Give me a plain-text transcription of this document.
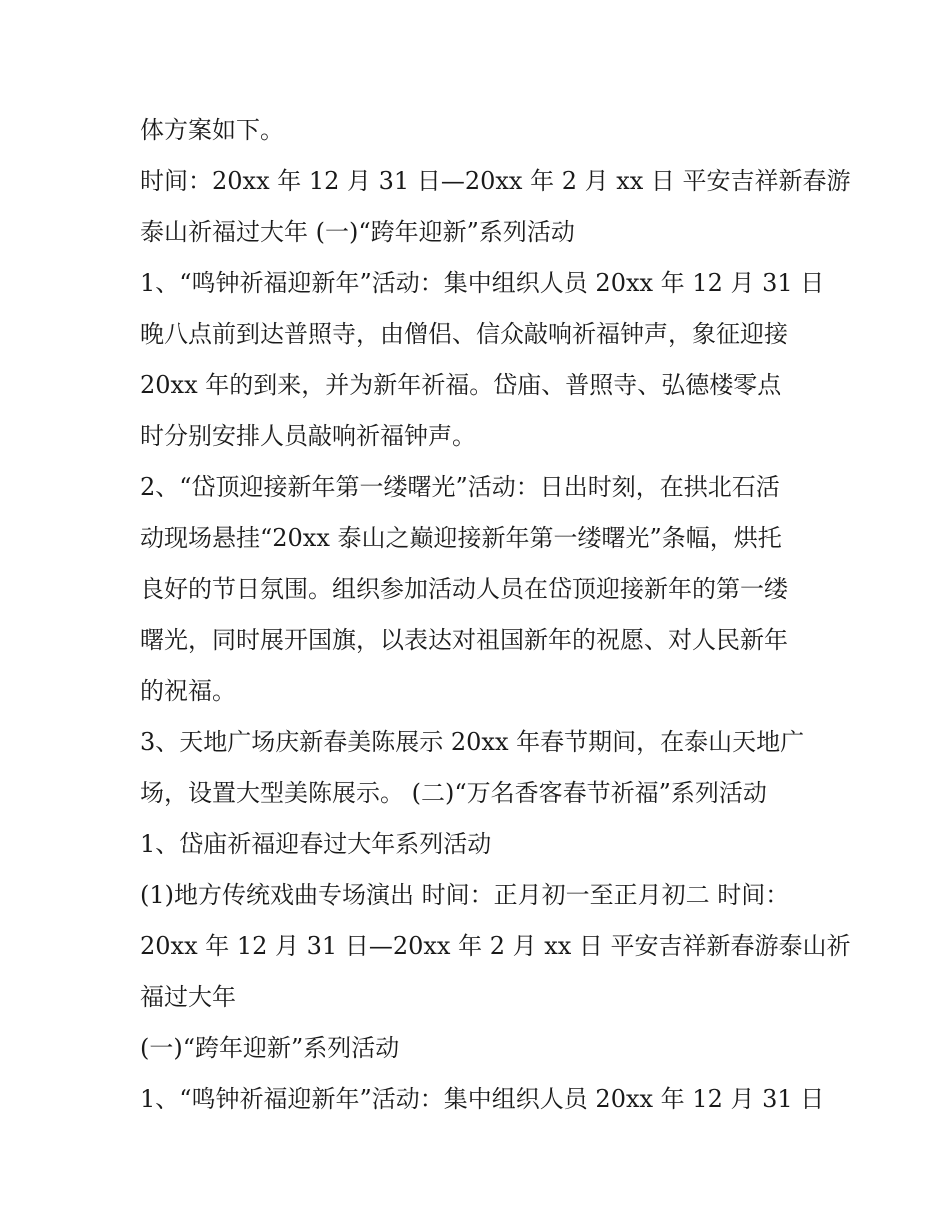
体方案如下。

时间：20xx 年 12 月 31 日—20xx 年 2 月 xx 日 平安吉祥新春游

泰山祈福过大年 (一)“跨年迎新”系列活动

1、“鸣钟祈福迎新年”活动：集中组织人员 20xx 年 12 月 31 日

晚八点前到达普照寺，由僧侣、信众敲响祈福钟声，象征迎接

20xx 年的到来，并为新年祈福。岱庙、普照寺、弘德楼零点

时分别安排人员敲响祈福钟声。

2、“岱顶迎接新年第一缕曙光”活动：日出时刻，在拱北石活

动现场悬挂“20xx 泰山之巅迎接新年第一缕曙光”条幅，烘托

良好的节日氛围。组织参加活动人员在岱顶迎接新年的第一缕

曙光，同时展开国旗，以表达对祖国新年的祝愿、对人民新年

的祝福。

3、天地广场庆新春美陈展示 20xx 年春节期间，在泰山天地广

场，设置大型美陈展示。 (二)“万名香客春节祈福”系列活动

1、岱庙祈福迎春过大年系列活动

(1)地方传统戏曲专场演出 时间：正月初一至正月初二 时间：

20xx 年 12 月 31 日—20xx 年 2 月 xx 日 平安吉祥新春游泰山祈

福过大年

(一)“跨年迎新”系列活动

1、“鸣钟祈福迎新年”活动：集中组织人员 20xx 年 12 月 31 日
